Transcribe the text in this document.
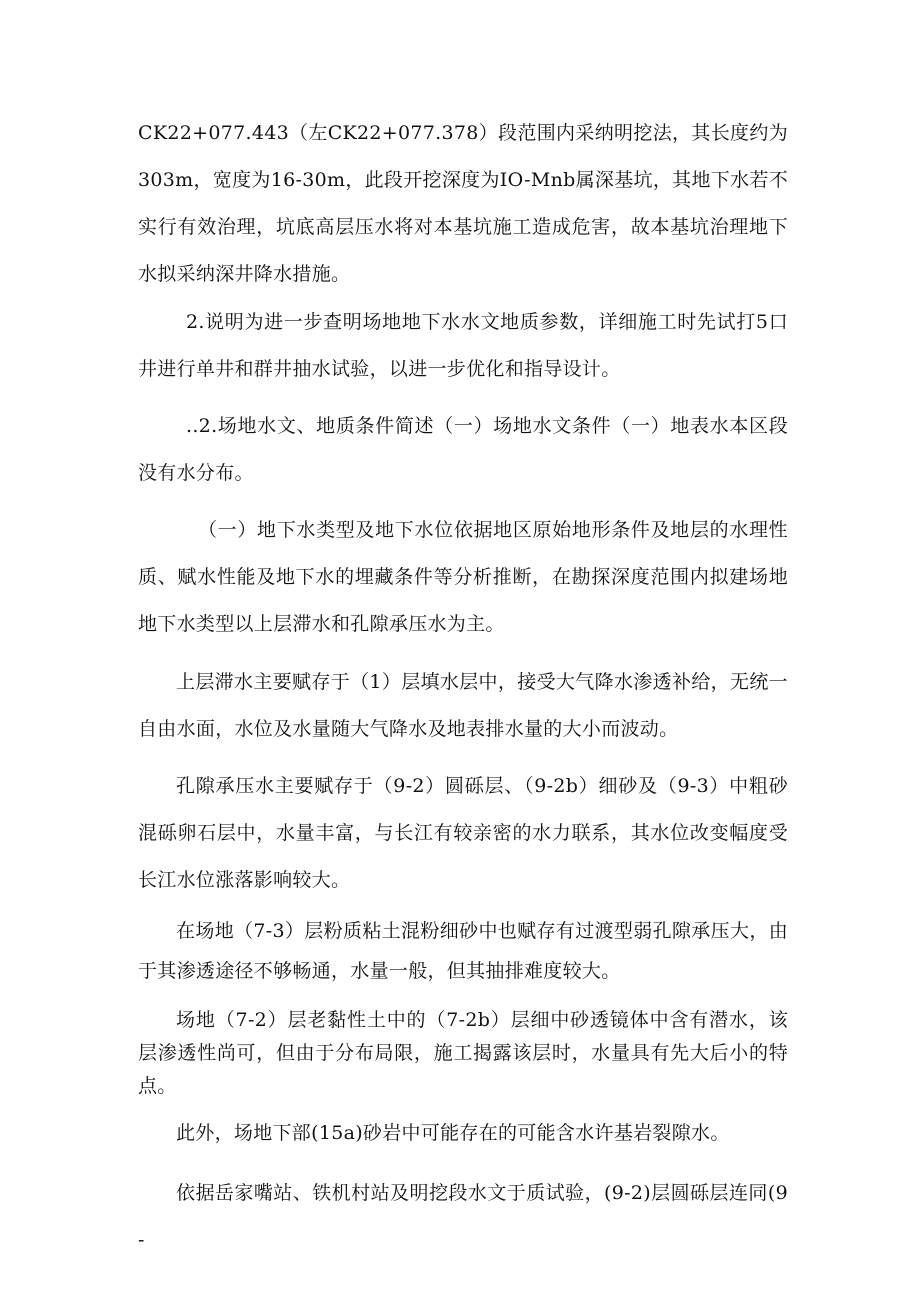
CK22+077.443（左CK22+077.378）段范围内采纳明挖法，其长度约为303m，宽度为16-30m，此段开挖深度为IO-Mnb属深基坑，其地下水若不实行有效治理，坑底高层压水将对本基坑施工造成危害，故本基坑治理地下水拟采纳深井降水措施。

2.说明为进一步查明场地地下水水文地质参数，详细施工时先试打5口井进行单井和群井抽水试验，以进一步优化和指导设计。

..2.场地水文、地质条件简述（一）场地水文条件（一）地表水本区段没有水分布。

（一）地下水类型及地下水位依据地区原始地形条件及地层的水理性质、赋水性能及地下水的埋藏条件等分析推断，在勘探深度范围内拟建场地地下水类型以上层滞水和孔隙承压水为主。

上层滞水主要赋存于（1）层填水层中，接受大气降水渗透补给，无统一自由水面，水位及水量随大气降水及地表排水量的大小而波动。

孔隙承压水主要赋存于（9-2）圆砾层、（9-2b）细砂及（9-3）中粗砂混砾卵石层中，水量丰富，与长江有较亲密的水力联系，其水位改变幅度受长江水位涨落影响较大。

在场地（7-3）层粉质粘土混粉细砂中也赋存有过渡型弱孔隙承压大，由于其渗透途径不够畅通，水量一般，但其抽排难度较大。

场地（7-2）层老黏性土中的（7-2b）层细中砂透镜体中含有潜水，该层渗透性尚可，但由于分布局限，施工揭露该层时，水量具有先大后小的特点。

此外，场地下部(15a)砂岩中可能存在的可能含水许基岩裂隙水。

依据岳家嘴站、铁机村站及明挖段水文于质试验，(9-2)层圆砾层连同(9-
